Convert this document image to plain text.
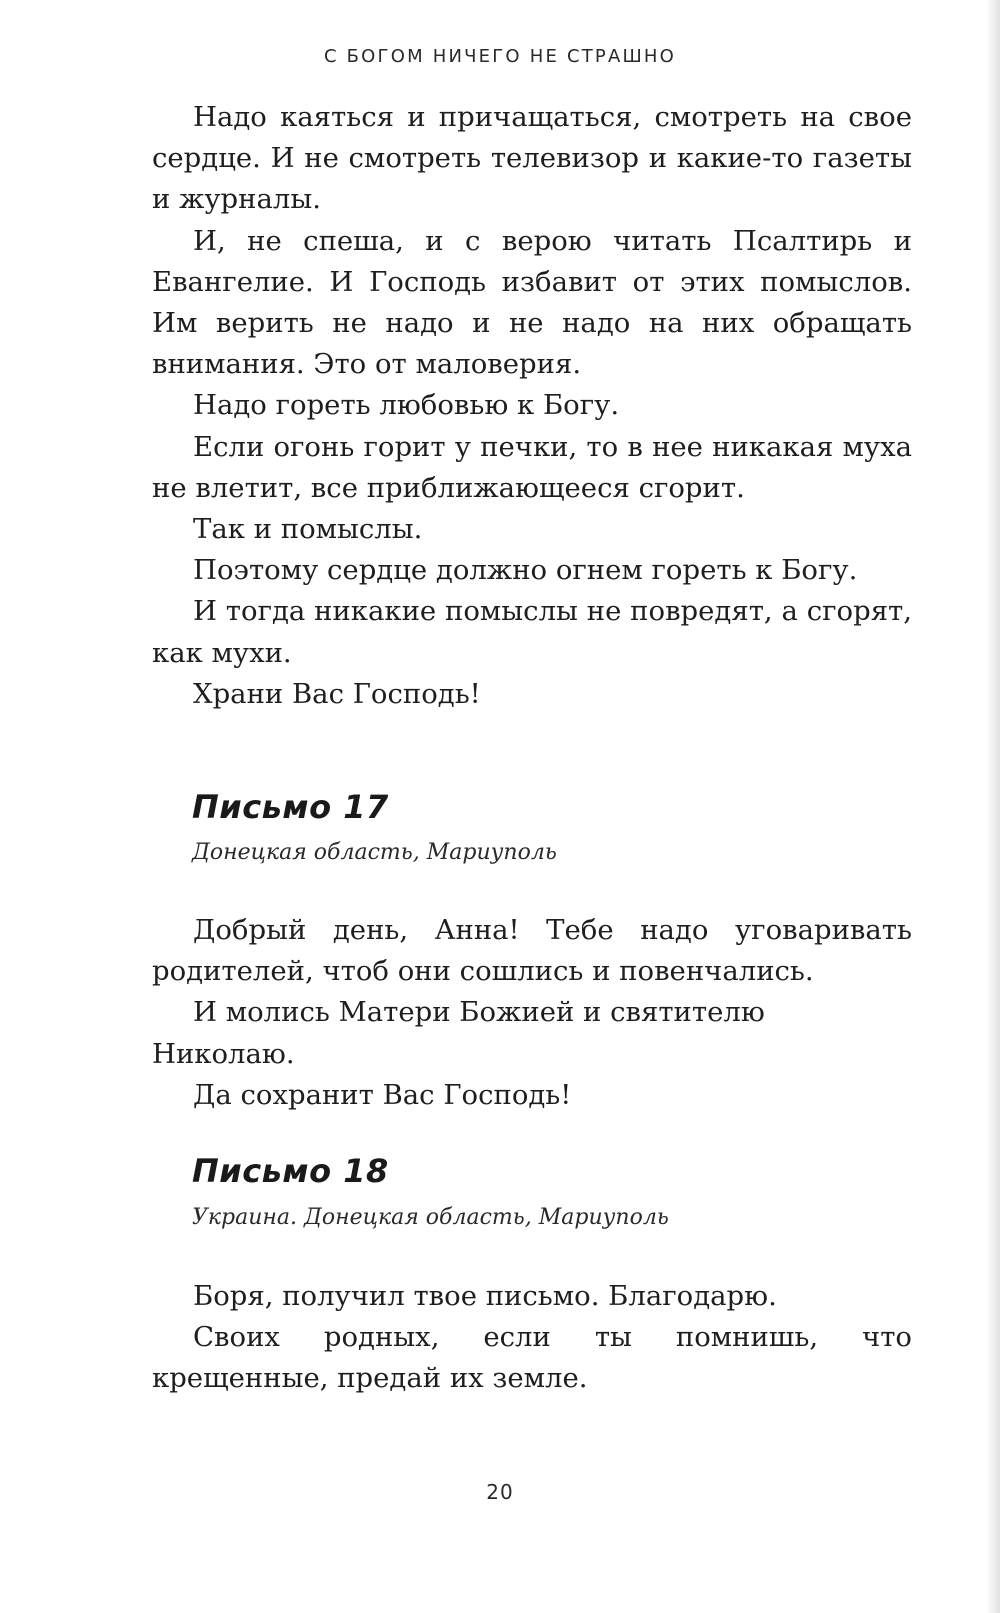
С БОГОМ НИЧЕГО НЕ СТРАШНО

Надо каяться и причащаться, смотреть на свое сердце. И не смотреть телевизор и какие-то газеты и журналы.

И, не спеша, и с верою читать Псалтирь и Евангелие. И Господь избавит от этих помыслов. Им верить не надо и не надо на них обращать внимания. Это от маловерия.

Надо гореть любовью к Богу.

Если огонь горит у печки, то в нее никакая муха не влетит, все приближающееся сгорит.

Так и помыслы.

Поэтому сердце должно огнем гореть к Богу.

И тогда никакие помыслы не повредят, а сгорят, как мухи.

Храни Вас Господь!

Письмо 17
Донецкая область, Мариуполь

Добрый день, Анна! Тебе надо уговаривать родителей, чтоб они сошлись и повенчались.

И молись Матери Божией и святителю Николаю.

Да сохранит Вас Господь!

Письмо 18
Украина. Донецкая область, Мариуполь

Боря, получил твое письмо. Благодарю.

Своих родных, если ты помнишь, что крещенные, предай их земле.

20
